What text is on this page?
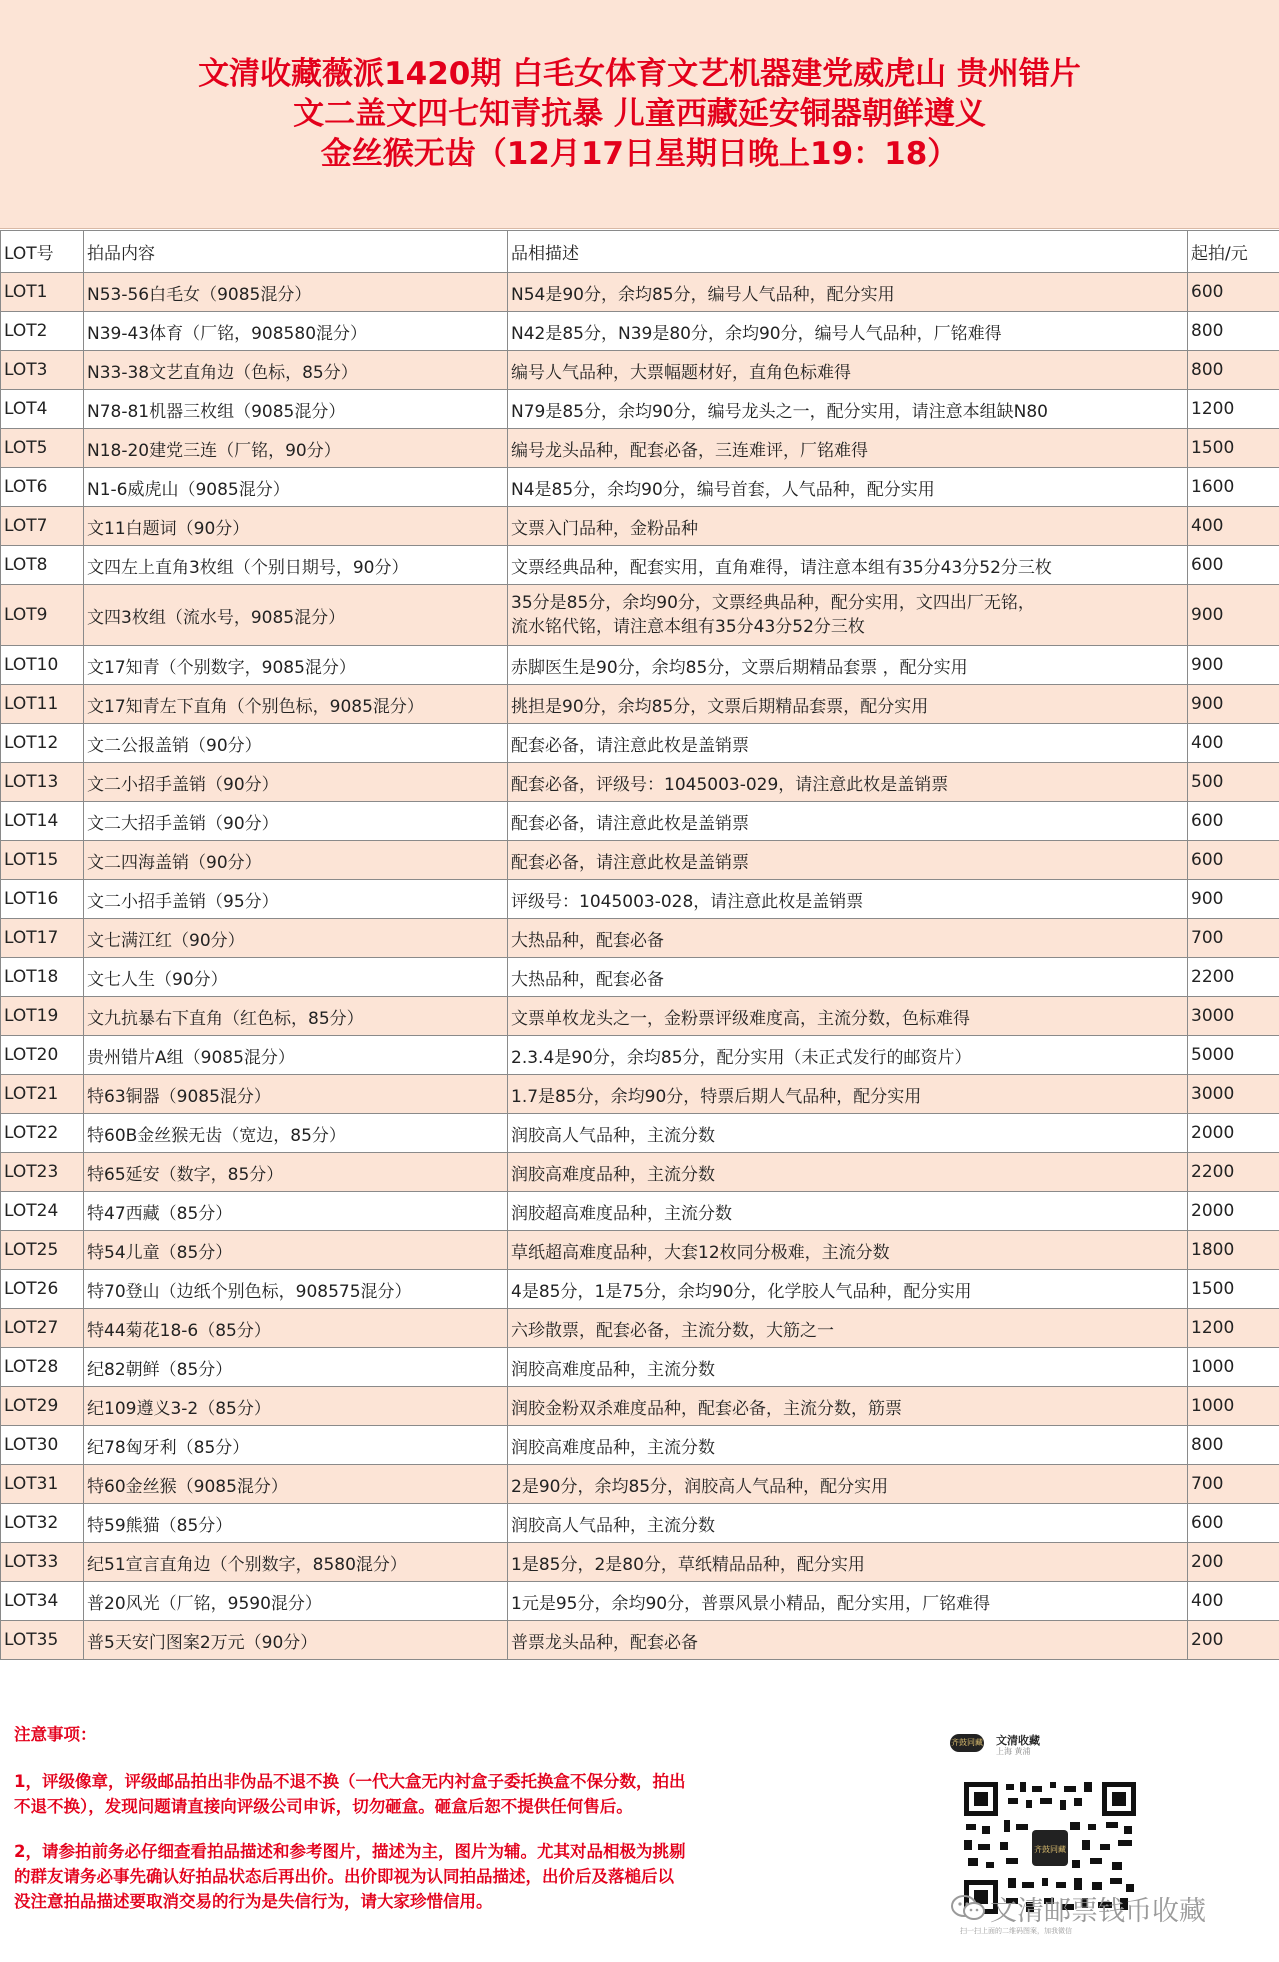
文清收藏薇派1420期 白毛女体育文艺机器建党威虎山 贵州错片
文二盖文四七知青抗暴 儿童西藏延安铜器朝鲜遵义
金丝猴无齿（12月17日星期日晚上19：18）
LOT号	拍品内容	品相描述	起拍/元
LOT1	N53-56白毛女（9085混分）	N54是90分，余均85分，编号人气品种，配分实用	600
LOT2	N39-43体育（厂铭，908580混分）	N42是85分，N39是80分，余均90分，编号人气品种，厂铭难得	800
LOT3	N33-38文艺直角边（色标，85分）	编号人气品种，大票幅题材好，直角色标难得	800
LOT4	N78-81机器三枚组（9085混分）	N79是85分，余均90分，编号龙头之一，配分实用，请注意本组缺N80	1200
LOT5	N18-20建党三连（厂铭，90分）	编号龙头品种，配套必备，三连难评，厂铭难得	1500
LOT6	N1-6威虎山（9085混分）	N4是85分，余均90分，编号首套，人气品种，配分实用	1600
LOT7	文11白题词（90分）	文票入门品种，金粉品种	400
LOT8	文四左上直角3枚组（个别日期号，90分）	文票经典品种，配套实用，直角难得，请注意本组有35分43分52分三枚	600
LOT9	文四3枚组（流水号，9085混分）	35分是85分，余均90分，文票经典品种，配分实用，文四出厂无铭，
流水铭代铭，请注意本组有35分43分52分三枚	900
LOT10	文17知青（个别数字，9085混分）	赤脚医生是90分，余均85分，文票后期精品套票 ，配分实用	900
LOT11	文17知青左下直角（个别色标，9085混分）	挑担是90分，余均85分，文票后期精品套票，配分实用	900
LOT12	文二公报盖销（90分）	配套必备，请注意此枚是盖销票	400
LOT13	文二小招手盖销（90分）	配套必备，评级号：1045003-029，请注意此枚是盖销票	500
LOT14	文二大招手盖销（90分）	配套必备，请注意此枚是盖销票	600
LOT15	文二四海盖销（90分）	配套必备，请注意此枚是盖销票	600
LOT16	文二小招手盖销（95分）	评级号：1045003-028，请注意此枚是盖销票	900
LOT17	文七满江红（90分）	大热品种，配套必备	700
LOT18	文七人生（90分）	大热品种，配套必备	2200
LOT19	文九抗暴右下直角（红色标，85分）	文票单枚龙头之一，金粉票评级难度高，主流分数，色标难得	3000
LOT20	贵州错片A组（9085混分）	2.3.4是90分，余均85分，配分实用（未正式发行的邮资片）	5000
LOT21	特63铜器（9085混分）	1.7是85分，余均90分，特票后期人气品种，配分实用	3000
LOT22	特60B金丝猴无齿（宽边，85分）	润胶高人气品种，主流分数	2000
LOT23	特65延安（数字，85分）	润胶高难度品种，主流分数	2200
LOT24	特47西藏（85分）	润胶超高难度品种，主流分数	2000
LOT25	特54儿童（85分）	草纸超高难度品种，大套12枚同分极难，主流分数	1800
LOT26	特70登山（边纸个别色标，908575混分）	4是85分，1是75分，余均90分，化学胶人气品种，配分实用	1500
LOT27	特44菊花18-6（85分）	六珍散票，配套必备，主流分数，大筋之一	1200
LOT28	纪82朝鲜（85分）	润胶高难度品种，主流分数	1000
LOT29	纪109遵义3-2（85分）	润胶金粉双杀难度品种，配套必备，主流分数，筋票	1000
LOT30	纪78匈牙利（85分）	润胶高难度品种，主流分数	800
LOT31	特60金丝猴（9085混分）	2是90分，余均85分，润胶高人气品种，配分实用	700
LOT32	特59熊猫（85分）	润胶高人气品种，主流分数	600
LOT33	纪51宣言直角边（个别数字，8580混分）	1是85分，2是80分，草纸精品品种，配分实用	200
LOT34	普20风光（厂铭，9590混分）	1元是95分，余均90分，普票风景小精品，配分实用，厂铭难得	400
LOT35	普5天安门图案2万元（90分）	普票龙头品种，配套必备	200

注意事项：

1，评级像章，评级邮品拍出非伪品不退不换（一代大盒无内衬盒子委托换盒不保分数，拍出
不退不换），发现问题请直接向评级公司申诉，切勿砸盒。砸盒后恕不提供任何售后。

2，请参拍前务必仔细查看拍品描述和参考图片，描述为主，图片为辅。尤其对品相极为挑剔
的群友请务必事先确认好拍品状态后再出价。出价即视为认同拍品描述，出价后及落槌后以
没注意拍品描述要取消交易的行为是失信行为，请大家珍惜信用。

齐鼓同藏 文清收藏
上海 黄浦
齐鼓同藏
扫一扫上面的二维码图案，加我微信
文清邮票钱币收藏
